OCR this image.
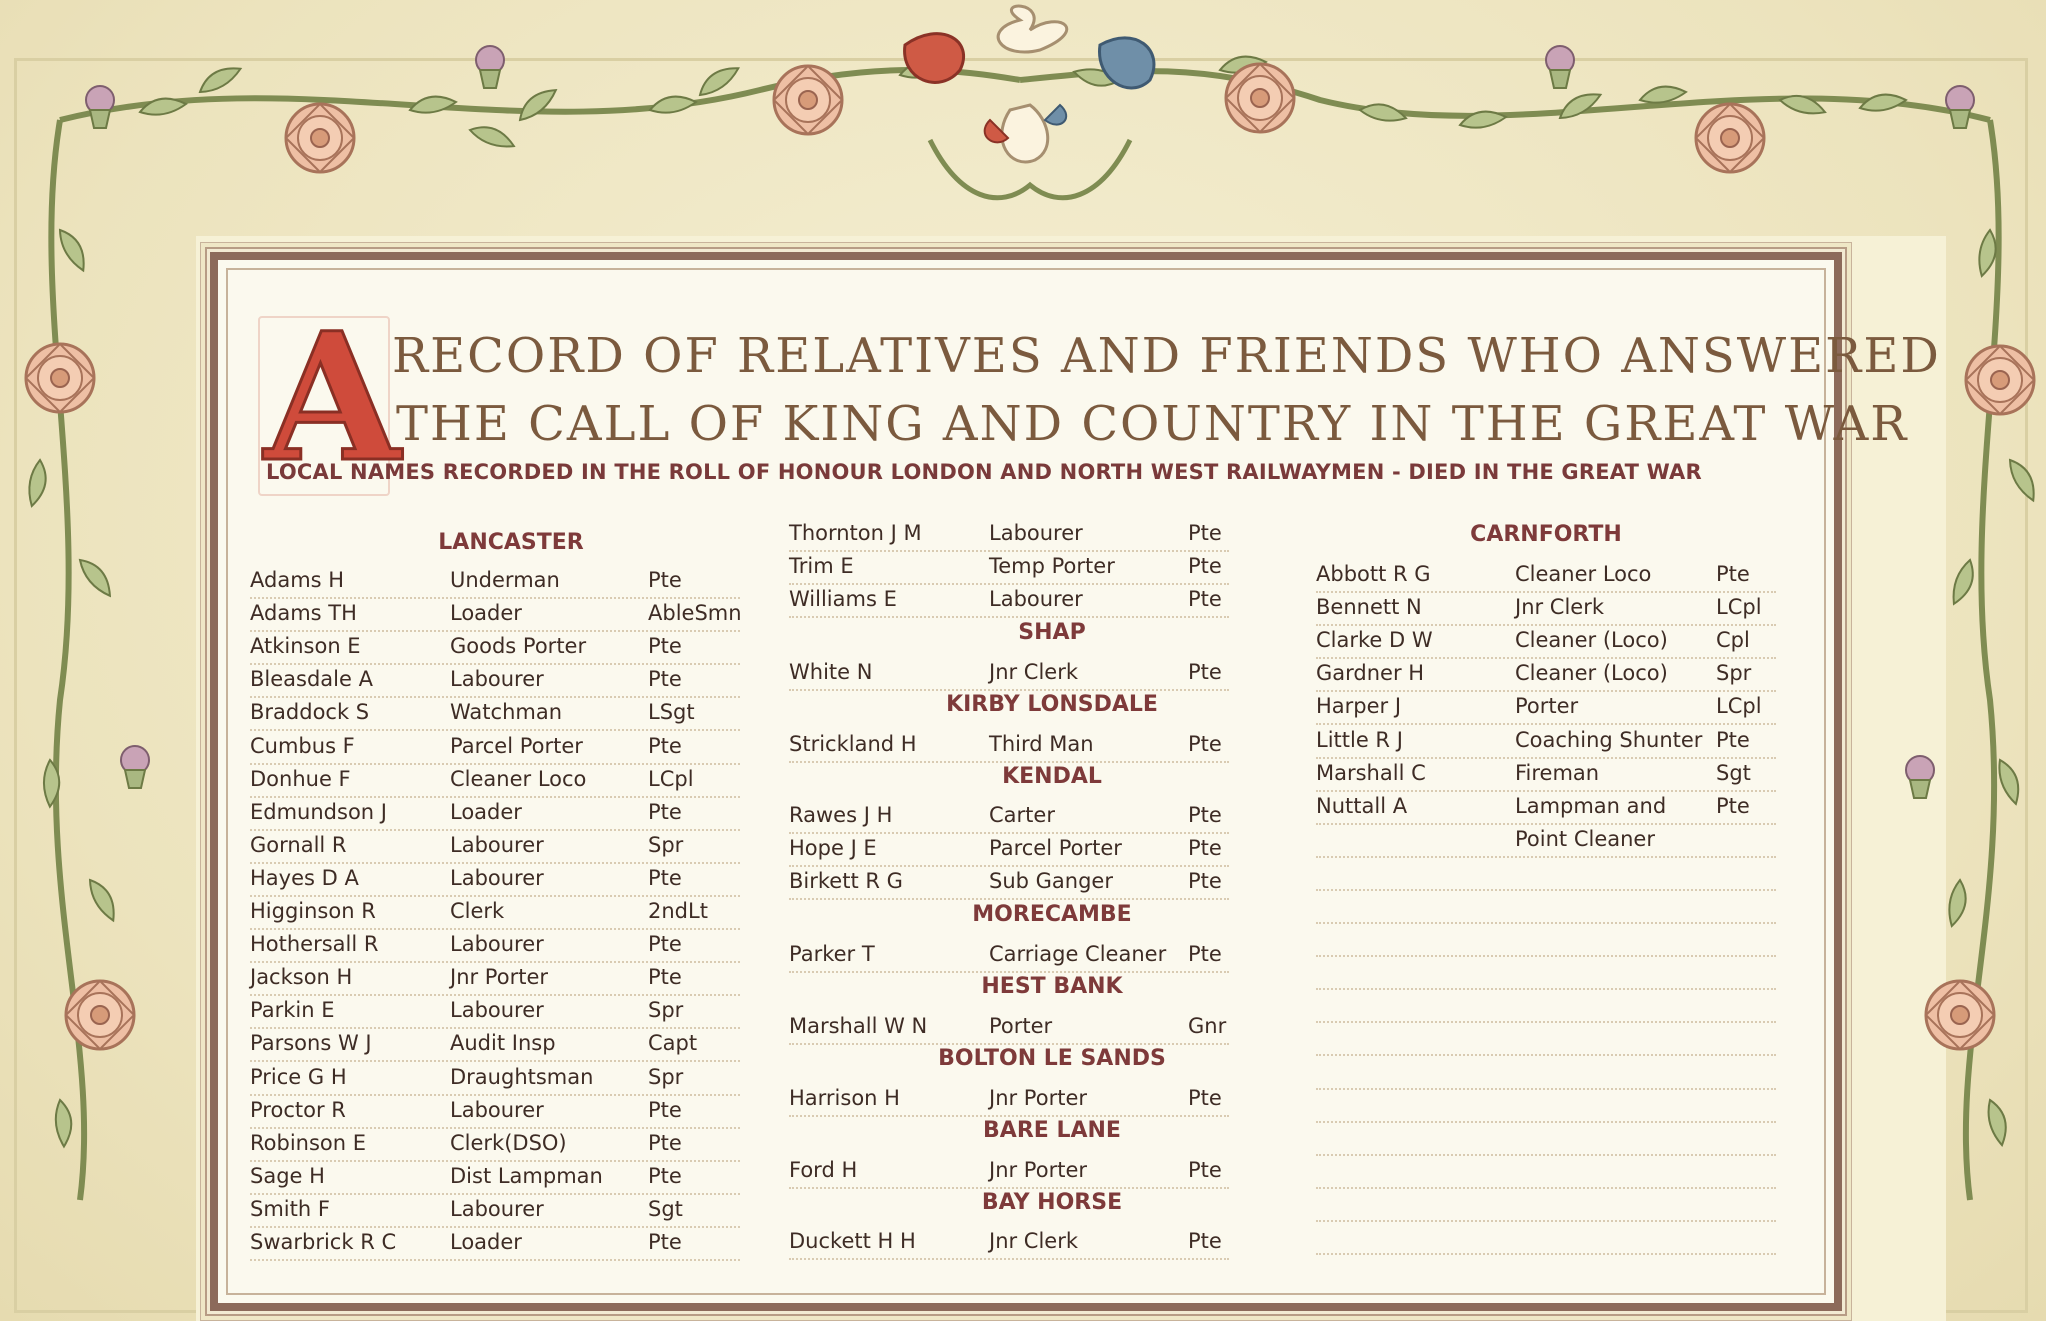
A
RECORD OF RELATIVES AND FRIENDS WHO ANSWERED
THE CALL OF KING AND COUNTRY IN THE GREAT WAR
LOCAL NAMES RECORDED IN THE ROLL OF HONOUR LONDON AND NORTH WEST RAILWAYMEN - DIED IN THE GREAT WAR
LANCASTER
Adams H	Underman	Pte
Adams TH	Loader	AbleSmn
Atkinson E	Goods Porter	Pte
Bleasdale A	Labourer	Pte
Braddock S	Watchman	LSgt
Cumbus F	Parcel Porter	Pte
Donhue F	Cleaner Loco	LCpl
Edmundson J	Loader	Pte
Gornall R	Labourer	Spr
Hayes D A	Labourer	Pte
Higginson R	Clerk	2ndLt
Hothersall R	Labourer	Pte
Jackson H	Jnr Porter	Pte
Parkin E	Labourer	Spr
Parsons W J	Audit Insp	Capt
Price G H	Draughtsman	Spr
Proctor R	Labourer	Pte
Robinson E	Clerk(DSO)	Pte
Sage H	Dist Lampman Pte
Smith F	Labourer	Sgt
Swarbrick R C	Loader	Pte
Thornton J M	Labourer	Pte
Trim E	Temp Porter	Pte
Williams E	Labourer	Pte
SHAP
White N	Jnr Clerk	Pte
KIRBY LONSDALE
Strickland H	Third Man	Pte
KENDAL
Rawes J H	Carter	Pte
Hope J E	Parcel Porter	Pte
Birkett R G	Sub Ganger	Pte
MORECAMBE
Parker T	Carriage Cleaner Pte
HEST BANK
Marshall W N	Porter	Gnr
BOLTON LE SANDS
Harrison H	Jnr Porter	Pte
BARE LANE
Ford H	Jnr Porter	Pte
BAY HORSE
Duckett H H	Jnr Clerk	Pte
CARNFORTH
Abbott R G	Cleaner Loco	Pte
Bennett N	Jnr Clerk	LCpl
Clarke D W	Cleaner (Loco) Cpl
Gardner H	Cleaner (Loco) Spr
Harper J	Porter	LCpl
Little R J	Coaching Shunter Pte
Marshall C	Fireman	Sgt
Nuttall A	Lampman and Pte
Point Cleaner
